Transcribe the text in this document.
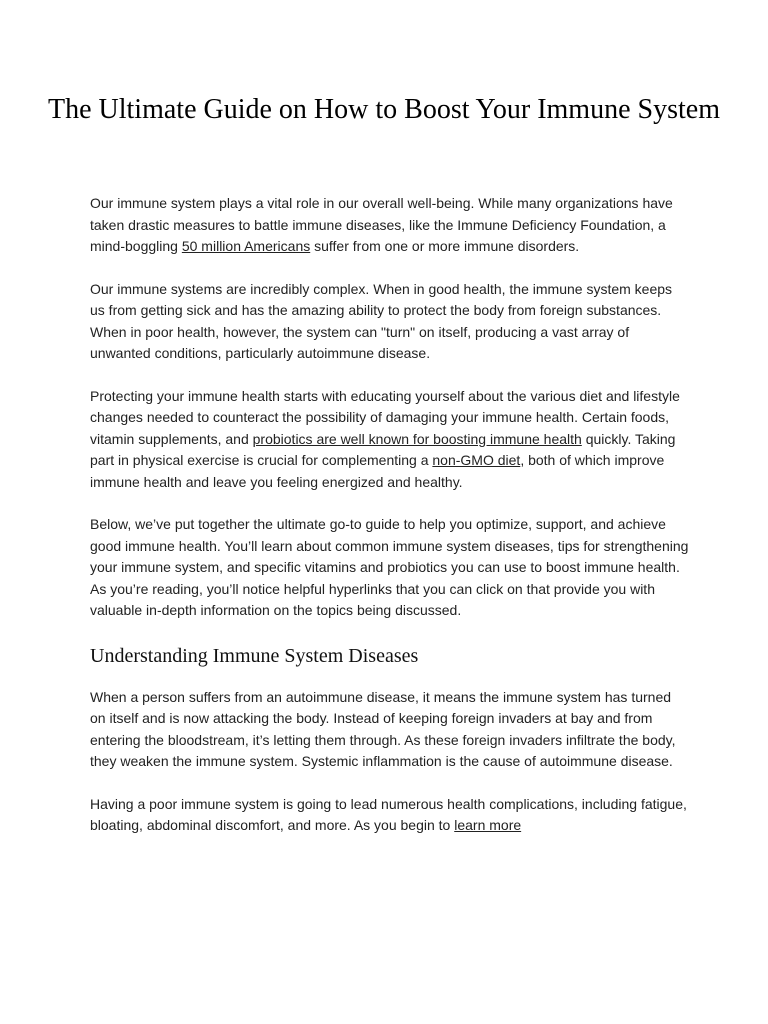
The Ultimate Guide on How to Boost Your Immune System

Our immune system plays a vital role in our overall well-being. While many organizations have taken drastic measures to battle immune diseases, like the Immune Deficiency Foundation, a mind-boggling 50 million Americans suffer from one or more immune disorders.

Our immune systems are incredibly complex. When in good health, the immune system keeps us from getting sick and has the amazing ability to protect the body from foreign substances. When in poor health, however, the system can "turn" on itself, producing a vast array of unwanted conditions, particularly autoimmune disease.

Protecting your immune health starts with educating yourself about the various diet and lifestyle changes needed to counteract the possibility of damaging your immune health. Certain foods, vitamin supplements, and probiotics are well known for boosting immune health quickly. Taking part in physical exercise is crucial for complementing a non-GMO diet, both of which improve immune health and leave you feeling energized and healthy.

Below, we’ve put together the ultimate go-to guide to help you optimize, support, and achieve good immune health. You’ll learn about common immune system diseases, tips for strengthening your immune system, and specific vitamins and probiotics you can use to boost immune health. As you’re reading, you’ll notice helpful hyperlinks that you can click on that provide you with valuable in-depth information on the topics being discussed.

Understanding Immune System Diseases

When a person suffers from an autoimmune disease, it means the immune system has turned on itself and is now attacking the body. Instead of keeping foreign invaders at bay and from entering the bloodstream, it’s letting them through. As these foreign invaders infiltrate the body, they weaken the immune system. Systemic inflammation is the cause of autoimmune disease.

Having a poor immune system is going to lead numerous health complications, including fatigue, bloating, abdominal discomfort, and more. As you begin to learn more
